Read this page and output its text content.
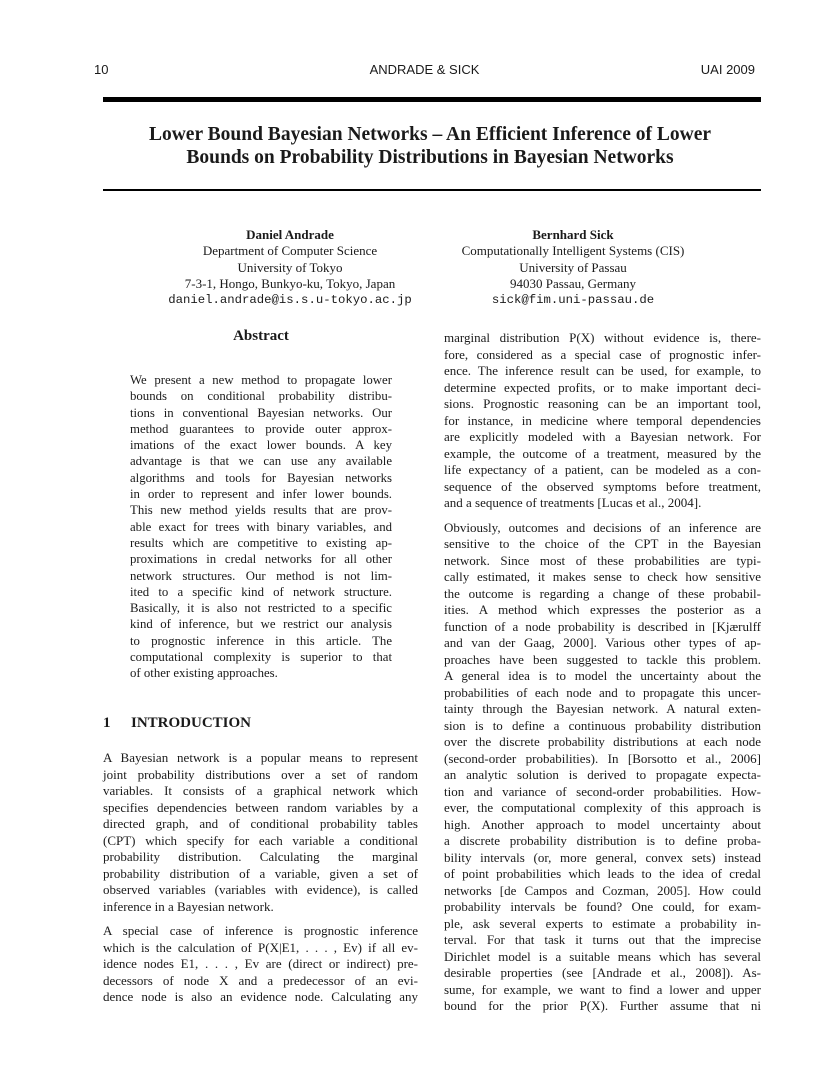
10	ANDRADE & SICK	UAI 2009
Lower Bound Bayesian Networks – An Efficient Inference of Lower
Bounds on Probability Distributions in Bayesian Networks
Daniel Andrade
Department of Computer Science
University of Tokyo
7-3-1, Hongo, Bunkyo-ku, Tokyo, Japan
daniel.andrade@is.s.u-tokyo.ac.jp
Bernhard Sick
Computationally Intelligent Systems (CIS)
University of Passau
94030 Passau, Germany
sick@fim.uni-passau.de
Abstract
We present a new method to propagate lower
bounds on conditional probability distribu-
tions in conventional Bayesian networks. Our
method guarantees to provide outer approx-
imations of the exact lower bounds. A key
advantage is that we can use any available
algorithms and tools for Bayesian networks
in order to represent and infer lower bounds.
This new method yields results that are prov-
able exact for trees with binary variables, and
results which are competitive to existing ap-
proximations in credal networks for all other
network structures. Our method is not lim-
ited to a specific kind of network structure.
Basically, it is also not restricted to a specific
kind of inference, but we restrict our analysis
to prognostic inference in this article. The
computational complexity is superior to that
of other existing approaches.
1 INTRODUCTION
A Bayesian network is a popular means to represent
joint probability distributions over a set of random
variables. It consists of a graphical network which
specifies dependencies between random variables by a
directed graph, and of conditional probability tables
(CPT) which specify for each variable a conditional
probability distribution. Calculating the marginal
probability distribution of a variable, given a set of
observed variables (variables with evidence), is called
inference in a Bayesian network.
A special case of inference is prognostic inference
which is the calculation of P(X|E1, . . . , Ev) if all ev-
idence nodes E1, . . . , Ev are (direct or indirect) pre-
decessors of node X and a predecessor of an evi-
dence node is also an evidence node. Calculating any
marginal distribution P(X) without evidence is, there-
fore, considered as a special case of prognostic infer-
ence. The inference result can be used, for example, to
determine expected profits, or to make important deci-
sions. Prognostic reasoning can be an important tool,
for instance, in medicine where temporal dependencies
are explicitly modeled with a Bayesian network. For
example, the outcome of a treatment, measured by the
life expectancy of a patient, can be modeled as a con-
sequence of the observed symptoms before treatment,
and a sequence of treatments [Lucas et al., 2004].
Obviously, outcomes and decisions of an inference are
sensitive to the choice of the CPT in the Bayesian
network. Since most of these probabilities are typi-
cally estimated, it makes sense to check how sensitive
the outcome is regarding a change of these probabil-
ities. A method which expresses the posterior as a
function of a node probability is described in [Kjærulff
and van der Gaag, 2000]. Various other types of ap-
proaches have been suggested to tackle this problem.
A general idea is to model the uncertainty about the
probabilities of each node and to propagate this uncer-
tainty through the Bayesian network. A natural exten-
sion is to define a continuous probability distribution
over the discrete probability distributions at each node
(second-order probabilities). In [Borsotto et al., 2006]
an analytic solution is derived to propagate expecta-
tion and variance of second-order probabilities. How-
ever, the computational complexity of this approach is
high. Another approach to model uncertainty about
a discrete probability distribution is to define proba-
bility intervals (or, more general, convex sets) instead
of point probabilities which leads to the idea of credal
networks [de Campos and Cozman, 2005]. How could
probability intervals be found? One could, for exam-
ple, ask several experts to estimate a probability in-
terval. For that task it turns out that the imprecise
Dirichlet model is a suitable means which has several
desirable properties (see [Andrade et al., 2008]). As-
sume, for example, we want to find a lower and upper
bound for the prior P(X). Further assume that ni
